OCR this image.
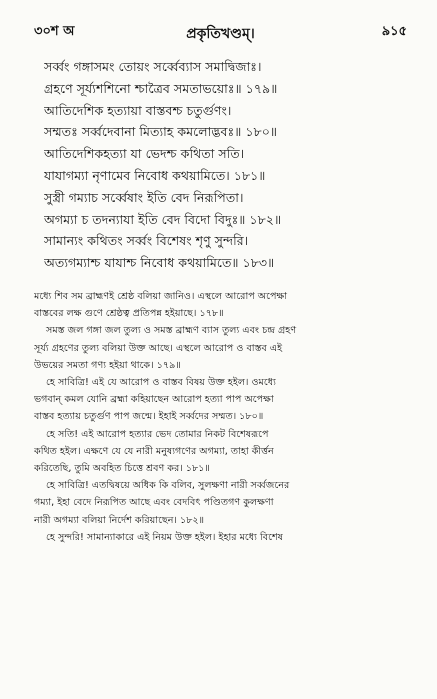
৩০শ অ	প্রকৃতিখণ্ডম্।	৯১৫
সর্ব্বং গঙ্গাসমং তোয়ং সর্ব্বেব্যাস সমাদ্বিজাঃ।
গ্রহণে সূর্য্যশশিনো শ্চাত্রৈব সমতাভয়োঃ॥ ১৭৯॥
আতিদেশিক হত্যায়া বাস্তবশ্চ চতুর্গুণং।
সম্মতঃ সর্ব্বদেবানা মিত্যাহ কমলোদ্ভবঃ॥ ১৮০॥
আতিদেশিকহত্যা যা ভেদশ্চ কথিতা সতি।
যাযাগম্যা নৃণামেব নিবোধ কথয়ামিতে। ১৮১॥
সুস্ত্রী গম্যাচ সর্ব্বেষাং ইতি বেদ নিরূপিতা।
অগম্যা চ তদন্যাযা ইতি বেদ বিদো বিদুঃ॥ ১৮২॥
সামান্যং কথিতং সর্ব্বং বিশেষং শৃণু সুন্দরি।
অত্যগম্যাশ্চ যাযাশ্চ নিবোধ কথয়ামিতে॥ ১৮৩॥

মধ্যে শিব সম ব্রাহ্মণই শ্রেষ্ঠ বলিয়া জানিও। এস্থলে আরোপ অপেক্ষা
বাস্তবের লক্ষ গুণে শ্রেষ্ঠত্ব প্রতিপন্ন হইয়াছে। ১৭৮॥

সমস্ত জল গঙ্গা জল তুল্য ও সমস্ত ব্রাহ্মণ ব্যাস তুল্য এবং চন্দ্র গ্রহণ
সূর্য্য গ্রহণের তুল্য বলিয়া উক্ত আছে। এস্থলে আরোপ ও বাস্তব এই
উভয়ের সমতা গণ্য হইয়া থাকে। ১৭৯॥

হে সাবিত্রি! এই যে আরোপ ও বাস্তব বিষয় উক্ত হইল। ওমধ্যে
ভগবান্ কমল যোনি ব্রহ্মা কহিয়াছেন আরোপ হত্যা পাপ অপেক্ষা
বাস্তব হত্যায় চতুর্গুণ পাপ জন্মে। ইহাই সর্ব্বদের সম্মত। ১৮০॥

হে সতি! এই আরোপ হত্যার ভেদ তোমার নিকট বিশেষরূপে
কথিত হইল। এক্ষণে যে যে নারী মনুষ্যগণের অগম্যা, তাহা কীর্ত্তন
করিতেছি, তুমি অবহিত চিত্তে শ্রবণ কর। ১৮১॥

হে সাবিত্রি! এতদ্বিষয়ে অধিক কি বলিব, সুলক্ষণা নারী সর্ব্বজনের
গম্যা, ইহা বেদে নিরূপিত আছে এবং বেদবিৎ পণ্ডিতগণ কুলক্ষণা
নারী অগম্যা বলিয়া নির্দেশ করিয়াছেন। ১৮২॥

হে সুন্দরি! সামান্যাকারে এই নিয়ম উক্ত হইল। ইহার মধ্যে বিশেষ
